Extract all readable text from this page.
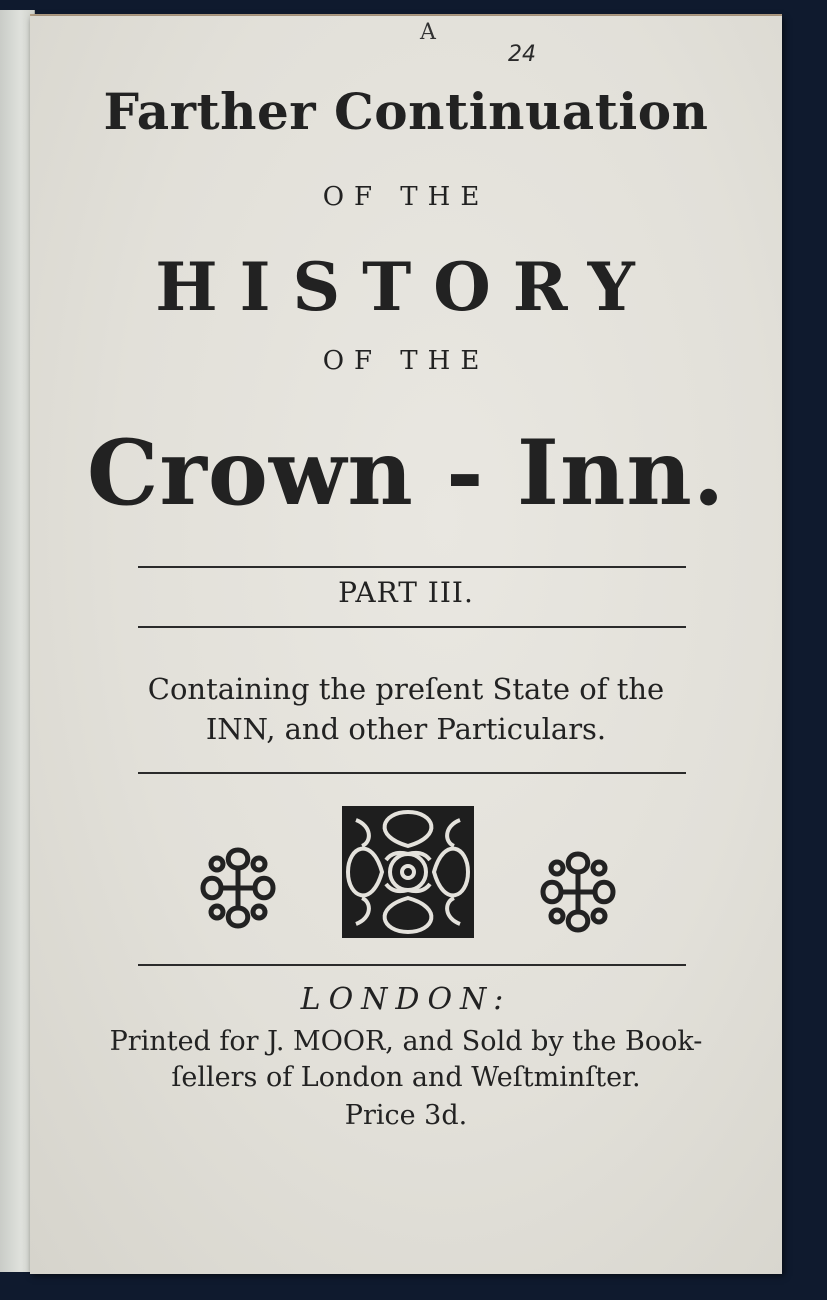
A
24
Farther Continuation
OF THE
HISTORY
OF THE
Crown - Inn.
PART III.
Containing the preſent State of the
INN, and other Particulars.
LONDON:
Printed for J. MOOR, and Sold by the Book-
ſellers of London and Weſtminſter.
Price 3d.
